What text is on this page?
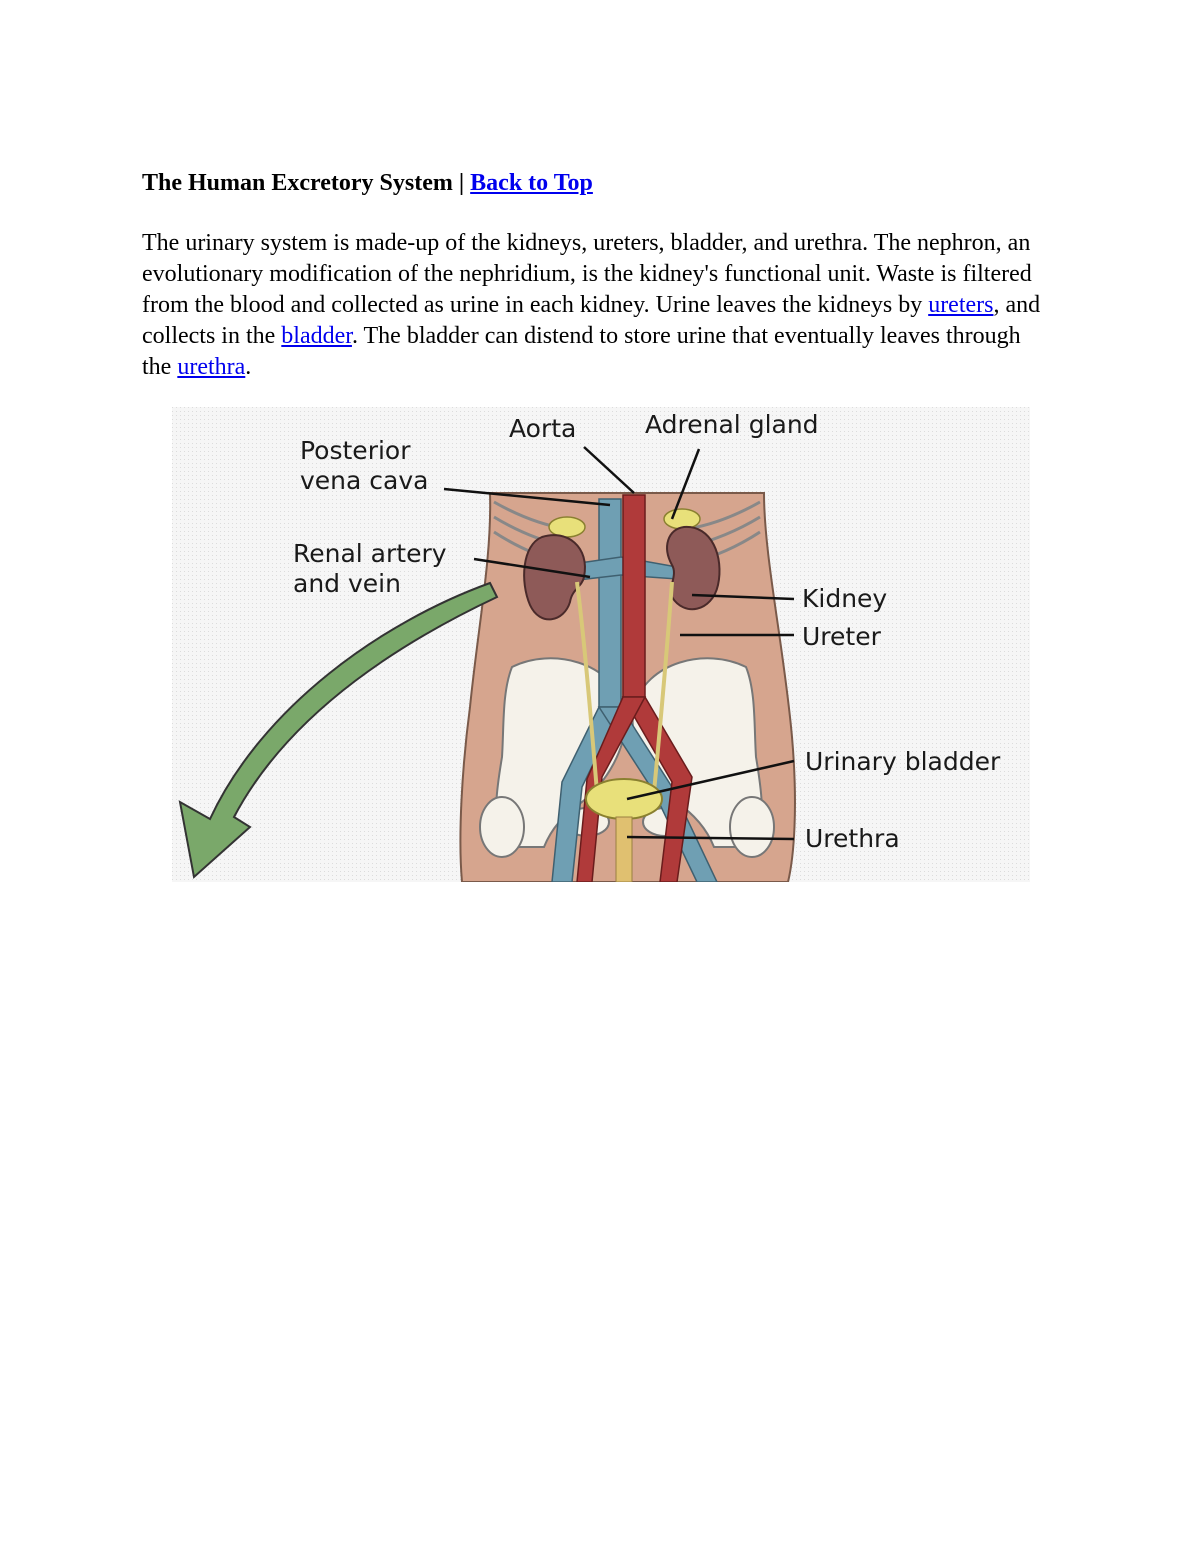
The Human Excretory System | Back to Top
The urinary system is made-up of the kidneys, ureters, bladder, and urethra. The nephron, an evolutionary modification of the nephridium, is the kidney's functional unit. Waste is filtered from the blood and collected as urine in each kidney. Urine leaves the kidneys by ureters, and collects in the bladder. The bladder can distend to store urine that eventually leaves through the urethra.
Posterior
vena cava
Aorta	Adrenal gland
Renal artery
and vein
Kidney
Ureter
Urinary bladder
Urethra
